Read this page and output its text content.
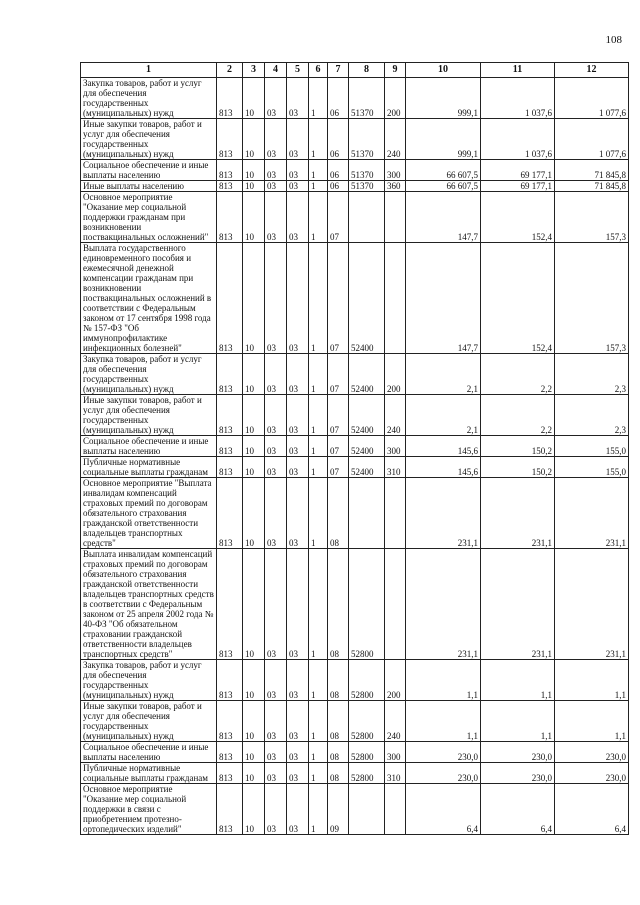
108
1	2	3	4	5	6	7	8	9	10	11	12
Закупка товаров, работ и услуг для обеспечения государственных (муниципальных) нужд	813	10	03	03	1	06	51370	200	999,1	1 037,6	1 077,6
Иные закупки товаров, работ и услуг для обеспечения государственных (муниципальных) нужд	813	10	03	03	1	06	51370	240	999,1	1 037,6	1 077,6
Социальное обеспечение и иные выплаты населению	813	10	03	03	1	06	51370	300	66 607,5	69 177,1	71 845,8
Иные выплаты населению	813	10	03	03	1	06	51370	360	66 607,5	69 177,1	71 845,8
Основное мероприятие "Оказание мер социальной поддержки гражданам при возникновении поствакцинальных осложнений"	813	10	03	03	1	07			147,7	152,4	157,3
Выплата государственного единовременного пособия и ежемесячной денежной компенсации гражданам при возникновении поствакцинальных осложнений в соответствии с Федеральным законом от 17 сентября 1998 года № 157-ФЗ "Об иммунопрофилактике инфекционных болезней"	813	10	03	03	1	07	52400		147,7	152,4	157,3
Закупка товаров, работ и услуг для обеспечения государственных (муниципальных) нужд	813	10	03	03	1	07	52400	200	2,1	2,2	2,3
Иные закупки товаров, работ и услуг для обеспечения государственных (муниципальных) нужд	813	10	03	03	1	07	52400	240	2,1	2,2	2,3
Социальное обеспечение и иные выплаты населению	813	10	03	03	1	07	52400	300	145,6	150,2	155,0
Публичные нормативные социальные выплаты гражданам	813	10	03	03	1	07	52400	310	145,6	150,2	155,0
Основное мероприятие "Выплата инвалидам компенсаций страховых премий по договорам обязательного страхования гражданской ответственности владельцев транспортных средств"	813	10	03	03	1	08			231,1	231,1	231,1
Выплата инвалидам компенсаций страховых премий по договорам обязательного страхования гражданской ответственности владельцев транспортных средств в соответствии с Федеральным законом от 25 апреля 2002 года № 40-ФЗ "Об обязательном страховании гражданской ответственности владельцев транспортных средств"	813	10	03	03	1	08	52800		231,1	231,1	231,1
Закупка товаров, работ и услуг для обеспечения государственных (муниципальных) нужд	813	10	03	03	1	08	52800	200	1,1	1,1	1,1
Иные закупки товаров, работ и услуг для обеспечения государственных (муниципальных) нужд	813	10	03	03	1	08	52800	240	1,1	1,1	1,1
Социальное обеспечение и иные выплаты населению	813	10	03	03	1	08	52800	300	230,0	230,0	230,0
Публичные нормативные социальные выплаты гражданам	813	10	03	03	1	08	52800	310	230,0	230,0	230,0
Основное мероприятие "Оказание мер социальной поддержки в связи с приобретением протезно-ортопедических изделий"	813	10	03	03	1	09			6,4	6,4	6,4
